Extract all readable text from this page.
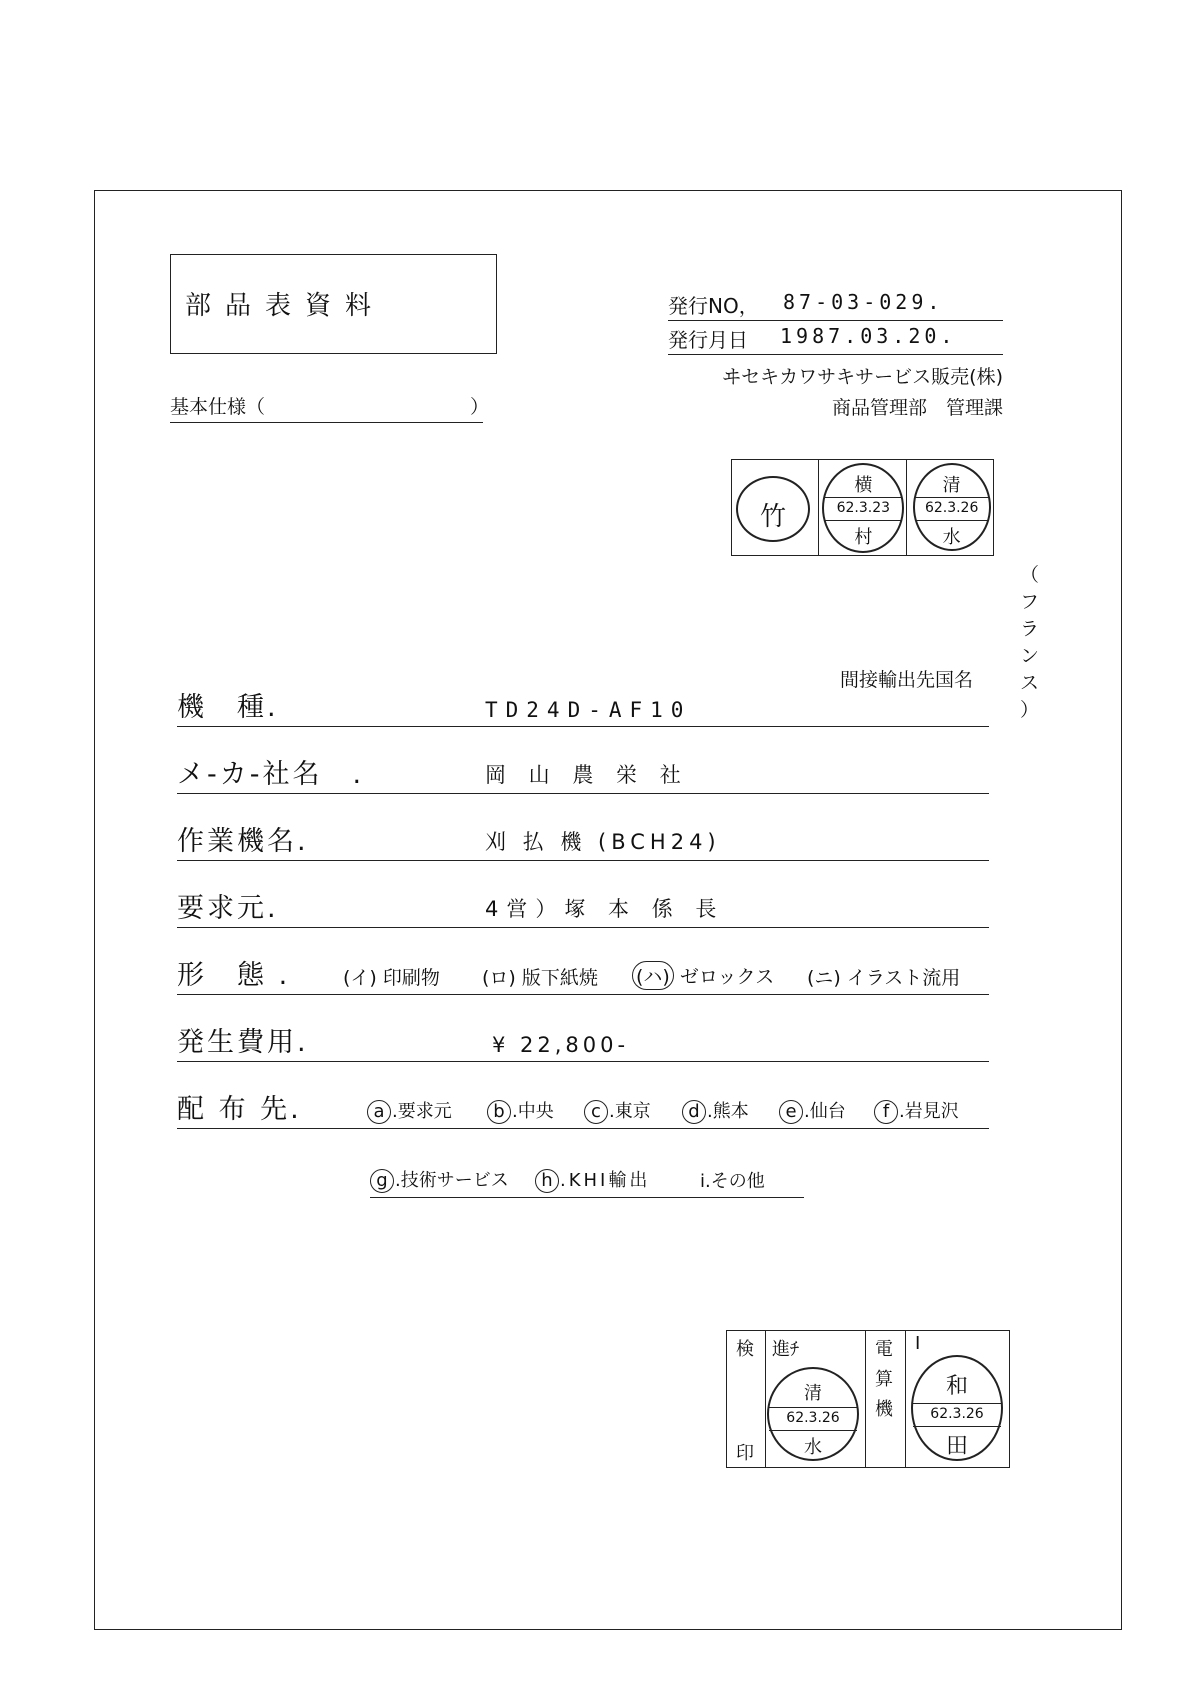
部品表資料
基本仕様（	）
発行NO， 87-03-029.
発行月日 1987.03.20.
ヰセキカワサキサービス販売(株)
商品管理部　管理課
竹
横
62.3.23
村
清
62.3.26
水
間接輸出先国名
機　種.	TD24D-AF10
（ フランス ）
メ-カ-社名　.	岡 山 農 栄 社
作業機名.	刈 払 機 (BCH24)
要求元.	4営）塚 本 係 長
形　態 .	(イ) 印刷物 (ロ) 版下紙焼 (ハ) ゼロックス (ニ) イラスト流用
発生費用.	¥ 22,800-
配 布 先.	a .要求元	b .中央	c .東京	d .熊本	e .仙台	f .岩見沢
g .技術サービス	h .KHI輸出	i.その他
検
印
進ﾁ	電
算
機
I
清
62.3.26
水
和
62.3.26
田
